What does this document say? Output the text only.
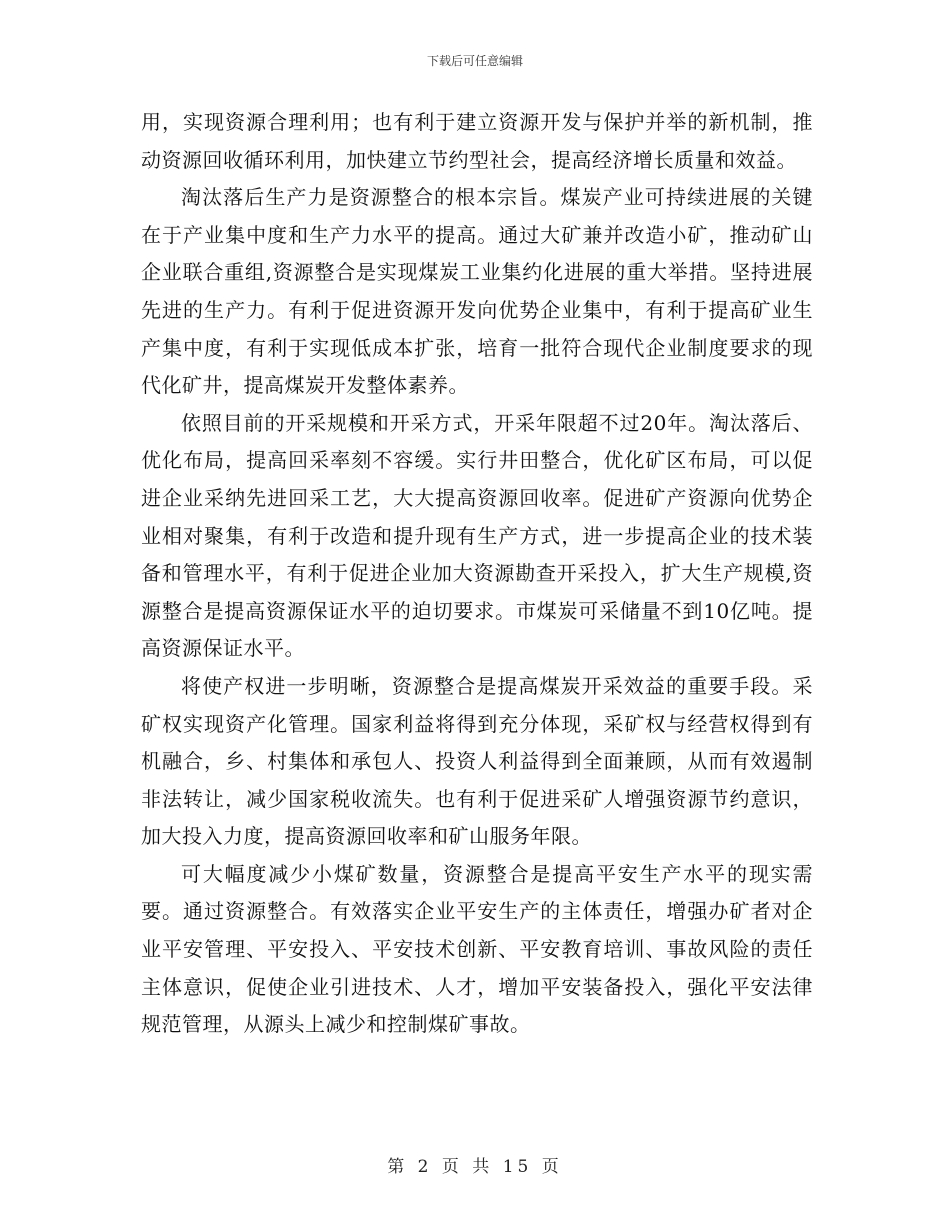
下载后可任意编辑

用，实现资源合理利用；也有利于建立资源开发与保护并举的新机制，推动资源回收循环利用，加快建立节约型社会，提高经济增长质量和效益。

淘汰落后生产力是资源整合的根本宗旨。煤炭产业可持续进展的关键在于产业集中度和生产力水平的提高。通过大矿兼并改造小矿，推动矿山企业联合重组,资源整合是实现煤炭工业集约化进展的重大举措。坚持进展先进的生产力。有利于促进资源开发向优势企业集中，有利于提高矿业生产集中度，有利于实现低成本扩张，培育一批符合现代企业制度要求的现代化矿井，提高煤炭开发整体素养。

依照目前的开采规模和开采方式，开采年限超不过20年。淘汰落后、优化布局，提高回采率刻不容缓。实行井田整合，优化矿区布局，可以促进企业采纳先进回采工艺，大大提高资源回收率。促进矿产资源向优势企业相对聚集，有利于改造和提升现有生产方式，进一步提高企业的技术装备和管理水平，有利于促进企业加大资源勘查开采投入，扩大生产规模,资源整合是提高资源保证水平的迫切要求。市煤炭可采储量不到10亿吨。提高资源保证水平。

将使产权进一步明晰，资源整合是提高煤炭开采效益的重要手段。采矿权实现资产化管理。国家利益将得到充分体现，采矿权与经营权得到有机融合，乡、村集体和承包人、投资人利益得到全面兼顾，从而有效遏制非法转让，减少国家税收流失。也有利于促进采矿人增强资源节约意识，加大投入力度，提高资源回收率和矿山服务年限。

可大幅度减少小煤矿数量，资源整合是提高平安生产水平的现实需要。通过资源整合。有效落实企业平安生产的主体责任，增强办矿者对企业平安管理、平安投入、平安技术创新、平安教育培训、事故风险的责任主体意识，促使企业引进技术、人才，增加平安装备投入，强化平安法律规范管理，从源头上减少和控制煤矿事故。

第 2 页 共 15 页
